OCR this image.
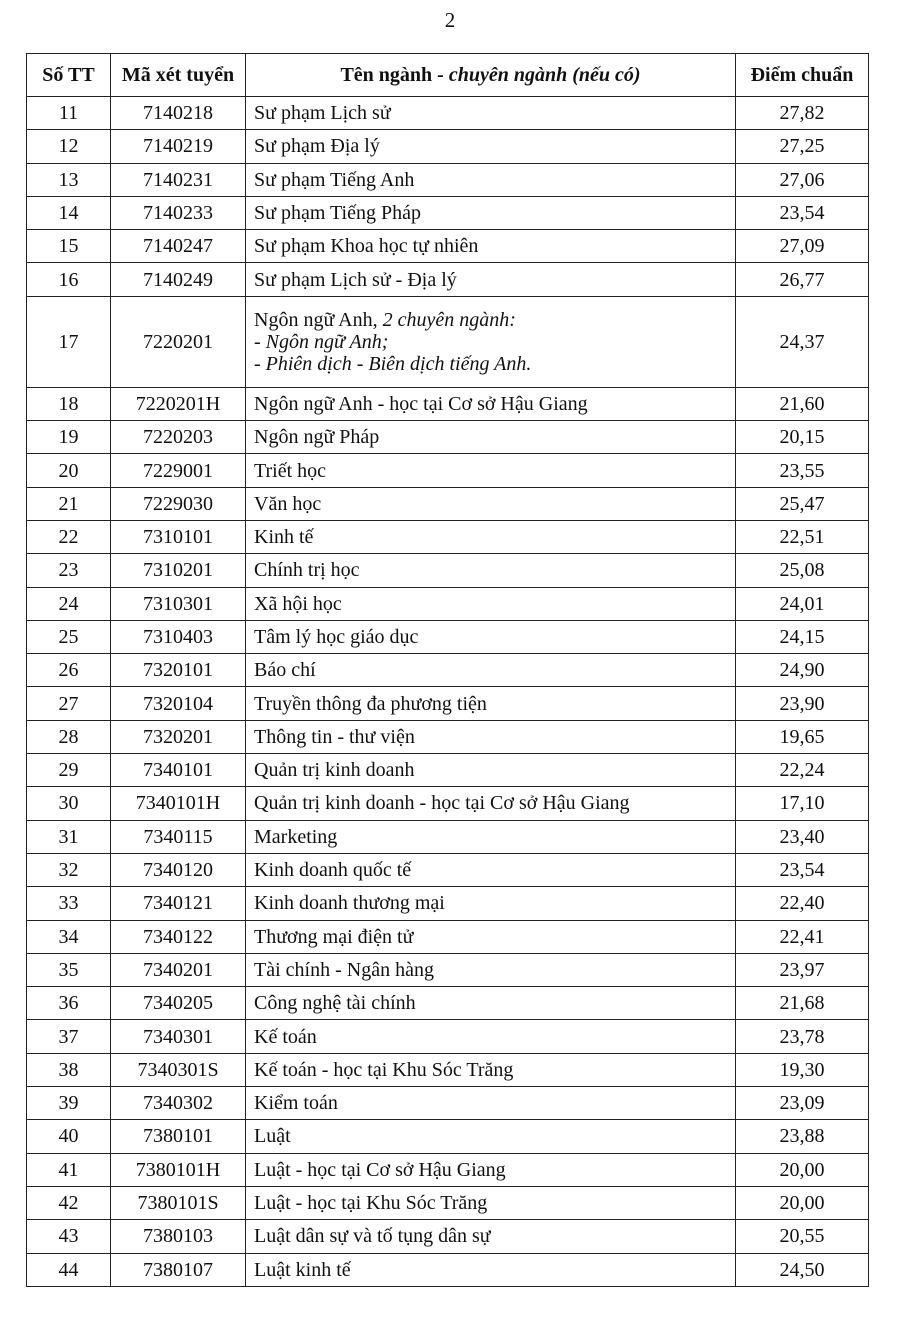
2
Số TT	Mã xét tuyển	Tên ngành - chuyên ngành (nếu có)	Điểm chuẩn
11	7140218	Sư phạm Lịch sử	27,82
12	7140219	Sư phạm Địa lý	27,25
13	7140231	Sư phạm Tiếng Anh	27,06
14	7140233	Sư phạm Tiếng Pháp	23,54
15	7140247	Sư phạm Khoa học tự nhiên	27,09
16	7140249	Sư phạm Lịch sử - Địa lý	26,77
17	7220201	Ngôn ngữ Anh, 2 chuyên ngành:
- Ngôn ngữ Anh;
- Phiên dịch - Biên dịch tiếng Anh.	24,37
18	7220201H	Ngôn ngữ Anh - học tại Cơ sở Hậu Giang	21,60
19	7220203	Ngôn ngữ Pháp	20,15
20	7229001	Triết học	23,55
21	7229030	Văn học	25,47
22	7310101	Kinh tế	22,51
23	7310201	Chính trị học	25,08
24	7310301	Xã hội học	24,01
25	7310403	Tâm lý học giáo dục	24,15
26	7320101	Báo chí	24,90
27	7320104	Truyền thông đa phương tiện	23,90
28	7320201	Thông tin - thư viện	19,65
29	7340101	Quản trị kinh doanh	22,24
30	7340101H	Quản trị kinh doanh - học tại Cơ sở Hậu Giang	17,10
31	7340115	Marketing	23,40
32	7340120	Kinh doanh quốc tế	23,54
33	7340121	Kinh doanh thương mại	22,40
34	7340122	Thương mại điện tử	22,41
35	7340201	Tài chính - Ngân hàng	23,97
36	7340205	Công nghệ tài chính	21,68
37	7340301	Kế toán	23,78
38	7340301S	Kế toán - học tại Khu Sóc Trăng	19,30
39	7340302	Kiểm toán	23,09
40	7380101	Luật	23,88
41	7380101H	Luật - học tại Cơ sở Hậu Giang	20,00
42	7380101S	Luật - học tại Khu Sóc Trăng	20,00
43	7380103	Luật dân sự và tố tụng dân sự	20,55
44	7380107	Luật kinh tế	24,50
